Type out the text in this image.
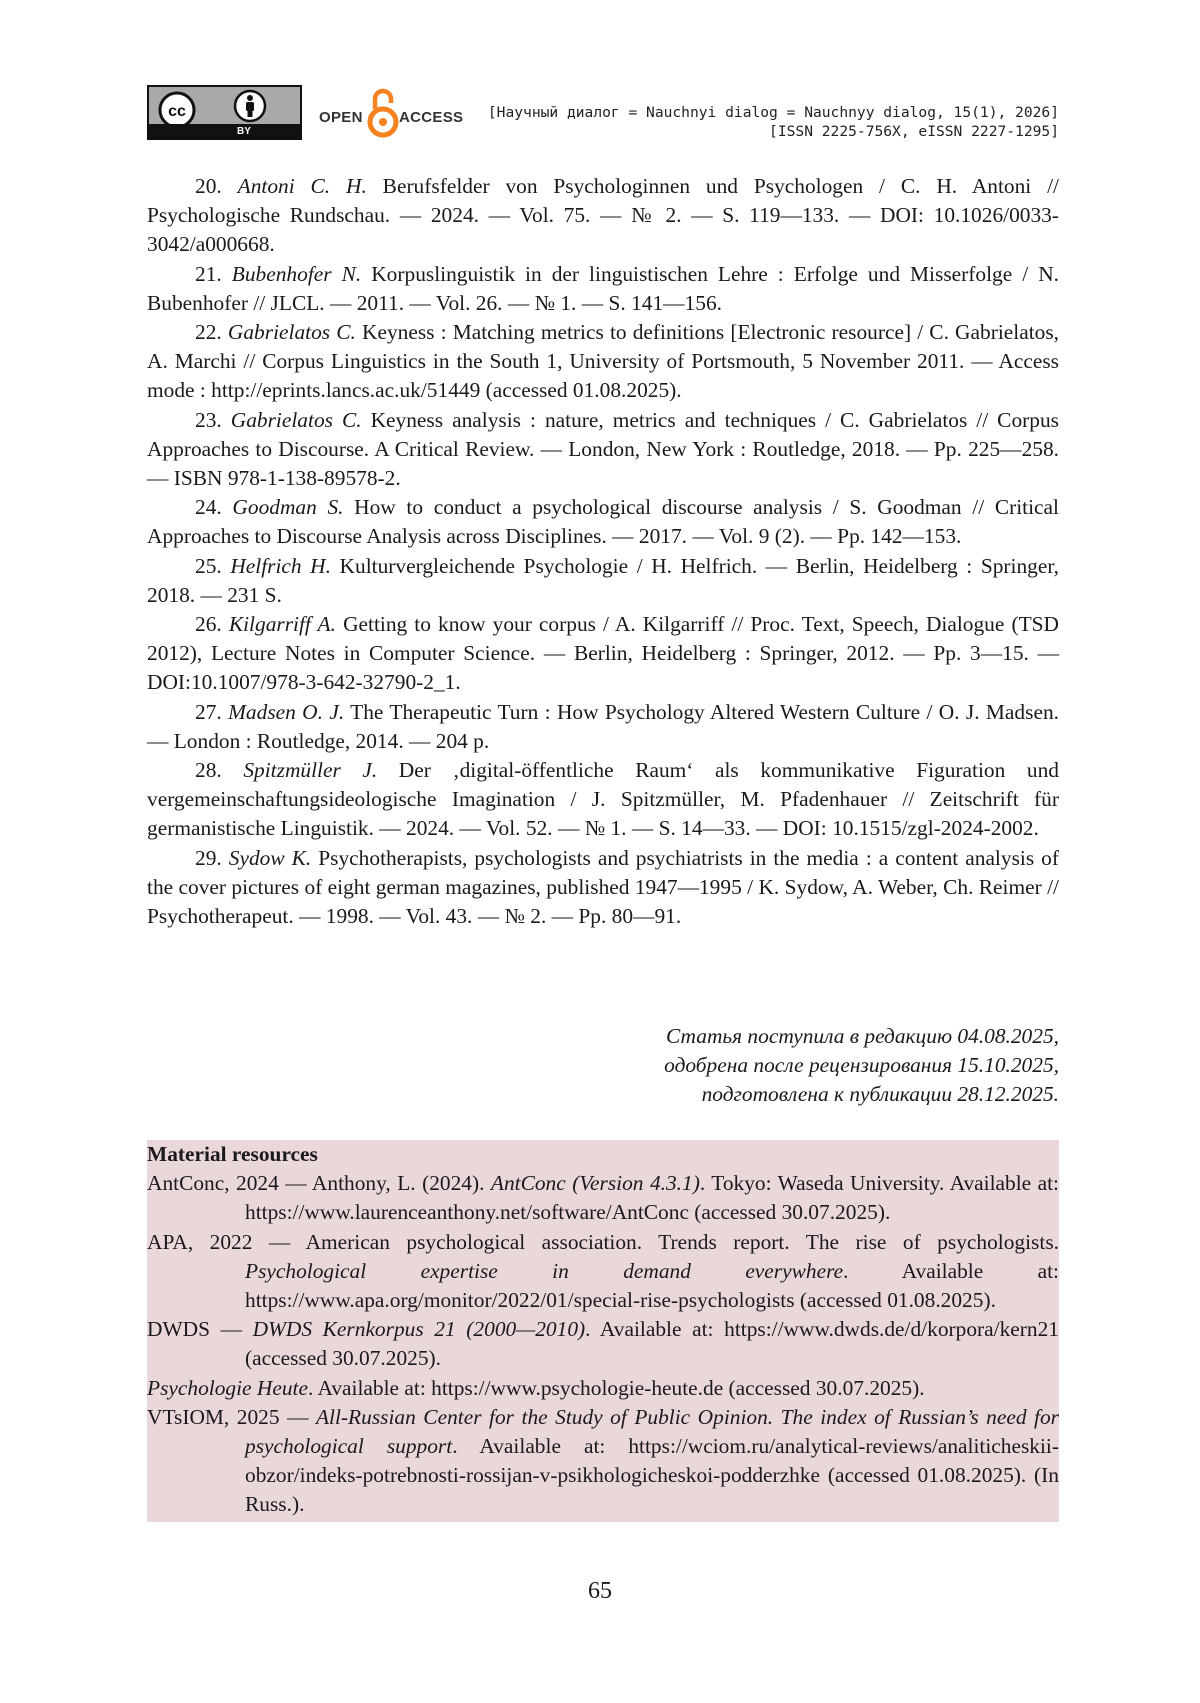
cc
BY
OPEN ACCESS [Научный диалог = Nauchnyi dialog = Nauchnyy dialog, 15(1), 2026]
[ISSN 2225-756X, eISSN 2227-1295]

20. Antoni C. H. Berufsfelder von Psychologinnen und Psychologen / C. H. Antoni // Psychologische Rundschau. — 2024. — Vol. 75. — № 2. — S. 119—133. — DOI: 10.1026/0033-3042/a000668.

21. Bubenhofer N. Korpuslinguistik in der linguistischen Lehre : Erfolge und Misserfolge / N. Bubenhofer // JLCL. — 2011. — Vol. 26. — № 1. — S. 141—156.

22. Gabrielatos C. Keyness : Matching metrics to definitions [Electronic resource] / C. Gabrielatos, A. Marchi // Corpus Linguistics in the South 1, University of Portsmouth, 5 November 2011. — Access mode : http://eprints.lancs.ac.uk/51449 (accessed 01.08.2025).

23. Gabrielatos C. Keyness analysis : nature, metrics and techniques / C. Gabrielatos // Corpus Approaches to Discourse. A Critical Review. — London, New York : Routledge, 2018. — Pp. 225—258. — ISBN 978-1-138-89578-2.

24. Goodman S. How to conduct a psychological discourse analysis / S. Goodman // Critical Approaches to Discourse Analysis across Disciplines. — 2017. — Vol. 9 (2). — Pp. 142—153.

25. Helfrich H. Kulturvergleichende Psychologie / H. Helfrich. — Berlin, Heidelberg : Springer, 2018. — 231 S.

26. Kilgarriff A. Getting to know your corpus / A. Kilgarriff // Proc. Text, Speech, Dialogue (TSD 2012), Lecture Notes in Computer Science. — Berlin, Heidelberg : Springer, 2012. — Pp. 3—15. — DOI:10.1007/978-3-642-32790-2_1.

27. Madsen O. J. The Therapeutic Turn : How Psychology Altered Western Culture / O. J. Madsen. — London : Routledge, 2014. — 204 p.

28. Spitzmüller J. Der ‚digital-öffentliche Raum‘ als kommunikative Figuration und vergemeinschaftungsideologische Imagination / J. Spitzmüller, M. Pfadenhauer // Zeitschrift für germanistische Linguistik. — 2024. — Vol. 52. — № 1. — S. 14—33. — DOI: 10.1515/zgl-2024-2002.

29. Sydow K. Psychotherapists, psychologists and psychiatrists in the media : a content analysis of the cover pictures of eight german magazines, published 1947—1995 / K. Sydow, A. Weber, Ch. Reimer // Psychotherapeut. — 1998. — Vol. 43. — № 2. — Pp. 80—91.

Статья поступила в редакцию 04.08.2025,
одобрена после рецензирования 15.10.2025,
подготовлена к публикации 28.12.2025.

Material resources

AntConc, 2024 — Anthony, L. (2024). AntConc (Version 4.3.1). Tokyo: Waseda University. Available at: https://www.laurenceanthony.net/software/AntConc (accessed 30.07.2025).

APA, 2022 — American psychological association. Trends report. The rise of psychologists. Psychological expertise in demand everywhere. Available at: https://www.apa.org/monitor/2022/01/special-rise-psychologists (accessed 01.08.2025).

DWDS — DWDS Kernkorpus 21 (2000—2010). Available at: https://www.dwds.de/d/korpora/kern21 (accessed 30.07.2025).

Psychologie Heute. Available at: https://www.psychologie-heute.de (accessed 30.07.2025).

VTsIOM, 2025 — All-Russian Center for the Study of Public Opinion. The index of Russian’s need for psychological support. Available at: https://wciom.ru/analytical-reviews/analiticheskii-obzor/indeks-potrebnosti-rossijan-v-psikhologicheskoi-podderzhke (accessed 01.08.2025). (In Russ.).

65
